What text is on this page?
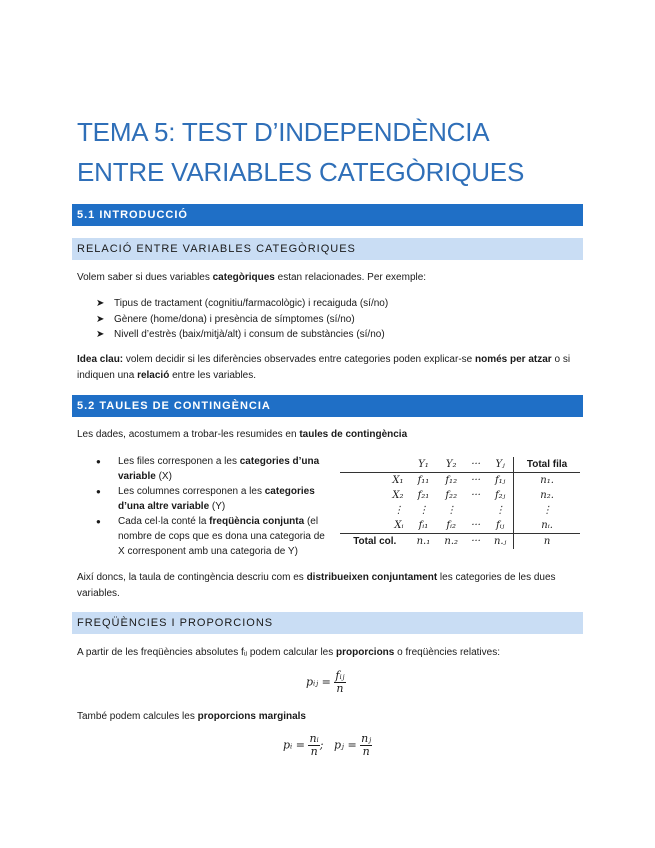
TEMA 5: TEST D’INDEPENDÈNCIA
ENTRE VARIABLES CATEGÒRIQUES
5.1 INTRODUCCIÓ
RELACIÓ ENTRE VARIABLES CATEGÒRIQUES
Volem saber si dues variables categòriques estan relacionades. Per exemple:
➤ Tipus de tractament (cognitiu/farmacològic) i recaiguda (sí/no)
➤ Gènere (home/dona) i presència de símptomes (sí/no)
➤ Nivell d’estrès (baix/mitjà/alt) i consum de substàncies (sí/no)
Idea clau: volem decidir si les diferències observades entre categories poden explicar-se només per atzar o si indiquen una relació entre les variables.
5.2 TAULES DE CONTINGÈNCIA
Les dades, acostumem a trobar-les resumides en taules de contingència
●	Les files corresponen a les categories d’una variable (X)
●	Les columnes corresponen a les categories d’una altre variable (Y)
●	Cada cel·la conté la freqüència conjunta (el nombre de cops que es dona una categoria de X corresponent amb una categoria de Y)
	Y₁	Y₂	···	Yⱼ	Total fila
X₁	f₁₁	f₁₂	···	f₁ⱼ	n₁.
X₂	f₂₁	f₂₂	···	f₂ⱼ	n₂.
⋮	⋮	⋮		⋮	⋮
Xᵢ	fᵢ₁	fᵢ₂	···	fᵢⱼ	nᵢ.
Total col.	n.₁	n.₂	···	n.ⱼ	n
Així doncs, la taula de contingència descriu com es distribueixen conjuntament les categories de les dues variables.
FREQÜÈNCIES I PROPORCIONS
A partir de les freqüències absolutes fᵢⱼ podem calcular les proporcions o freqüències relatives:
pᵢⱼ = $\frac{\text{fᵢⱼ}}{n}$
També podem calcules les proporcions marginals
pᵢ = $\frac{\text{nᵢ}}{n}$ ; pⱼ = $\frac{\text{nⱼ}}{n}$
